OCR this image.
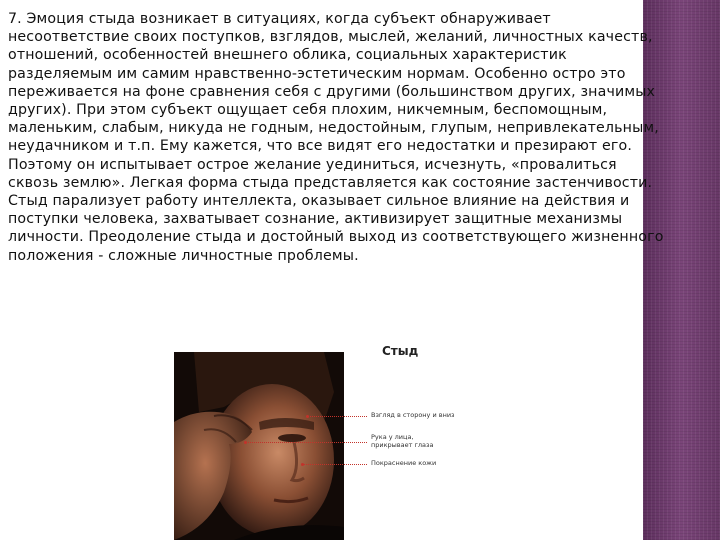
7. Эмоция стыда возникает в ситуациях, когда субъект обнаруживает несоответствие своих поступков, взглядов, мыслей, желаний, личностных качеств, отношений, особенностей внешнего облика, социальных характеристик разделяемым им самим нравственно-эстетическим нормам. Особенно остро это переживается на фоне сравнения себя с другими (большинством других, значимых других). При этом субъект ощущает себя плохим, никчемным, беспомощным, маленьким, слабым, никуда не годным, недостойным, глупым, непривлекательным, неудачником и т.п. Ему кажется, что все видят его недостатки и презирают его. Поэтому он испытывает острое желание уединиться, исчезнуть, «провалиться сквозь землю». Легкая форма стыда представляется как состояние застенчивости. Стыд парализует работу интеллекта, оказывает сильное влияние на действия и поступки человека, захватывает сознание, активизирует защитные механизмы личности. Преодоление стыда и достойный выход из соответствующего жизненного положения - сложные личностные проблемы.

Стыд
Взгляд в сторону и вниз
Рука у лица, прикрывает глаза
Покраснение кожи
